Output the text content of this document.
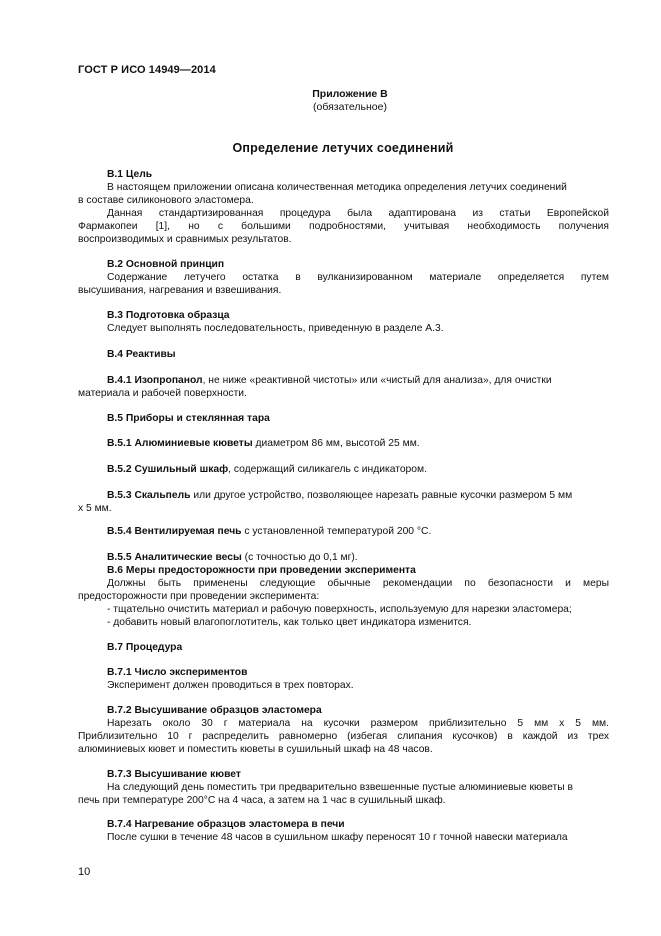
ГОСТ Р ИСО 14949—2014
Приложение В
(обязательное)
Определение летучих соединений
В.1 Цель
В настоящем приложении описана количественная методика определения летучих соединений
в составе силиконового эластомера.
Данная стандартизированная процедура была адаптирована из статьи Европейской
Фармакопеи [1], но с большими подробностями, учитывая необходимость получения
воспроизводимых и сравнимых результатов.
В.2 Основной принцип
Содержание летучего остатка в вулканизированном материале определяется путем
высушивания, нагревания и взвешивания.
В.3 Подготовка образца
Следует выполнять последовательность, приведенную в разделе А.3.
В.4 Реактивы
В.4.1 Изопропанол, не ниже «реактивной чистоты» или «чистый для анализа», для очистки
материала и рабочей поверхности.
В.5 Приборы и стеклянная тара
В.5.1 Алюминиевые кюветы диаметром 86 мм, высотой 25 мм.
В.5.2 Сушильный шкаф, содержащий силикагель с индикатором.
В.5.3 Скальпель или другое устройство, позволяющее нарезать равные кусочки размером 5 мм
х 5 мм.
В.5.4 Вентилируемая печь с установленной температурой 200 °С.
В.5.5 Аналитические весы (с точностью до 0,1 мг).
В.6 Меры предосторожности при проведении эксперимента
Должны быть применены следующие обычные рекомендации по безопасности и меры
предосторожности при проведении эксперимента:
- тщательно очистить материал и рабочую поверхность, используемую для нарезки эластомера;
- добавить новый влагопоглотитель, как только цвет индикатора изменится.
В.7 Процедура
В.7.1 Число экспериментов
Эксперимент должен проводиться в трех повторах.
В.7.2 Высушивание образцов эластомера
Нарезать около 30 г материала на кусочки размером приблизительно 5 мм х 5 мм.
Приблизительно 10 г распределить равномерно (избегая слипания кусочков) в каждой из трех
алюминиевых кювет и поместить кюветы в сушильный шкаф на 48 часов.
В.7.3 Высушивание кювет
На следующий день поместить три предварительно взвешенные пустые алюминиевые кюветы в
печь при температуре 200°С на 4 часа, а затем на 1 час в сушильный шкаф.
В.7.4 Нагревание образцов эластомера в печи
После сушки в течение 48 часов в сушильном шкафу переносят 10 г точной навески материала
10
